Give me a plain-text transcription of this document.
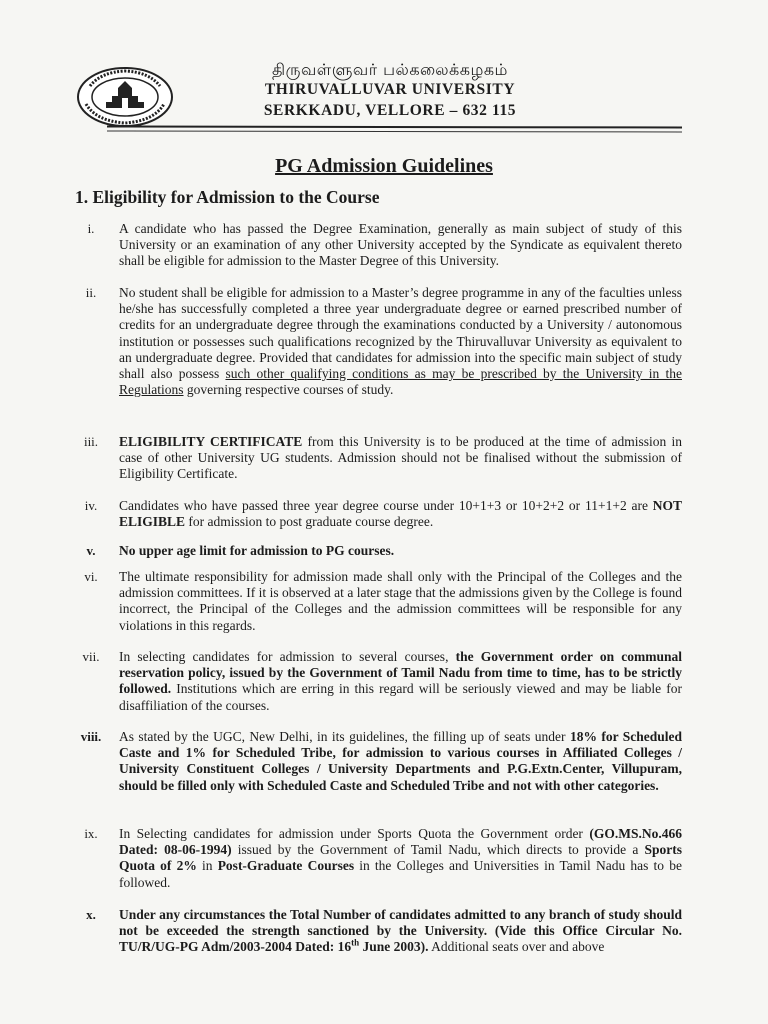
திருவள்ளுவர் பல்கலைக்கழகம்
THIRUVALLUVAR UNIVERSITY
SERKKADU, VELLORE – 632 115
PG Admission Guidelines
1. Eligibility for Admission to the Course
i.	A candidate who has passed the Degree Examination, generally as main subject of study of this University or an examination of any other University accepted by the Syndicate as equivalent thereto shall be eligible for admission to the Master Degree of this University.
ii.	No student shall be eligible for admission to a Master’s degree programme in any of the faculties unless he/she has successfully completed a three year undergraduate degree or earned prescribed number of credits for an undergraduate degree through the examinations conducted by a University / autonomous institution or possesses such qualifications recognized by the Thiruvalluvar University as equivalent to an undergraduate degree. Provided that candidates for admission into the specific main subject of study shall also possess such other qualifying conditions as may be prescribed by the University in the Regulations governing respective courses of study.
iii.	ELIGIBILITY CERTIFICATE from this University is to be produced at the time of admission in case of other University UG students. Admission should not be finalised without the submission of Eligibility Certificate.
iv.	Candidates who have passed three year degree course under 10+1+3 or 10+2+2 or 11+1+2 are NOT ELIGIBLE for admission to post graduate course degree.
v.	No upper age limit for admission to PG courses.
vi.	The ultimate responsibility for admission made shall only with the Principal of the Colleges and the admission committees. If it is observed at a later stage that the admissions given by the College is found incorrect, the Principal of the Colleges and the admission committees will be responsible for any violations in this regards.
vii.	In selecting candidates for admission to several courses, the Government order on communal reservation policy, issued by the Government of Tamil Nadu from time to time, has to be strictly followed. Institutions which are erring in this regard will be seriously viewed and may be liable for disaffiliation of the courses.
viii.	As stated by the UGC, New Delhi, in its guidelines, the filling up of seats under 18% for Scheduled Caste and 1% for Scheduled Tribe, for admission to various courses in Affiliated Colleges / University Constituent Colleges / University Departments and P.G.Extn.Center, Villupuram, should be filled only with Scheduled Caste and Scheduled Tribe and not with other categories.
ix.	In Selecting candidates for admission under Sports Quota the Government order (GO.MS.No.466 Dated: 08-06-1994) issued by the Government of Tamil Nadu, which directs to provide a Sports Quota of 2% in Post-Graduate Courses in the Colleges and Universities in Tamil Nadu has to be followed.
x.	Under any circumstances the Total Number of candidates admitted to any branch of study should not be exceeded the strength sanctioned by the University. (Vide this Office Circular No. TU/R/UG-PG Adm/2003-2004 Dated: 16th June 2003). Additional seats over and above
